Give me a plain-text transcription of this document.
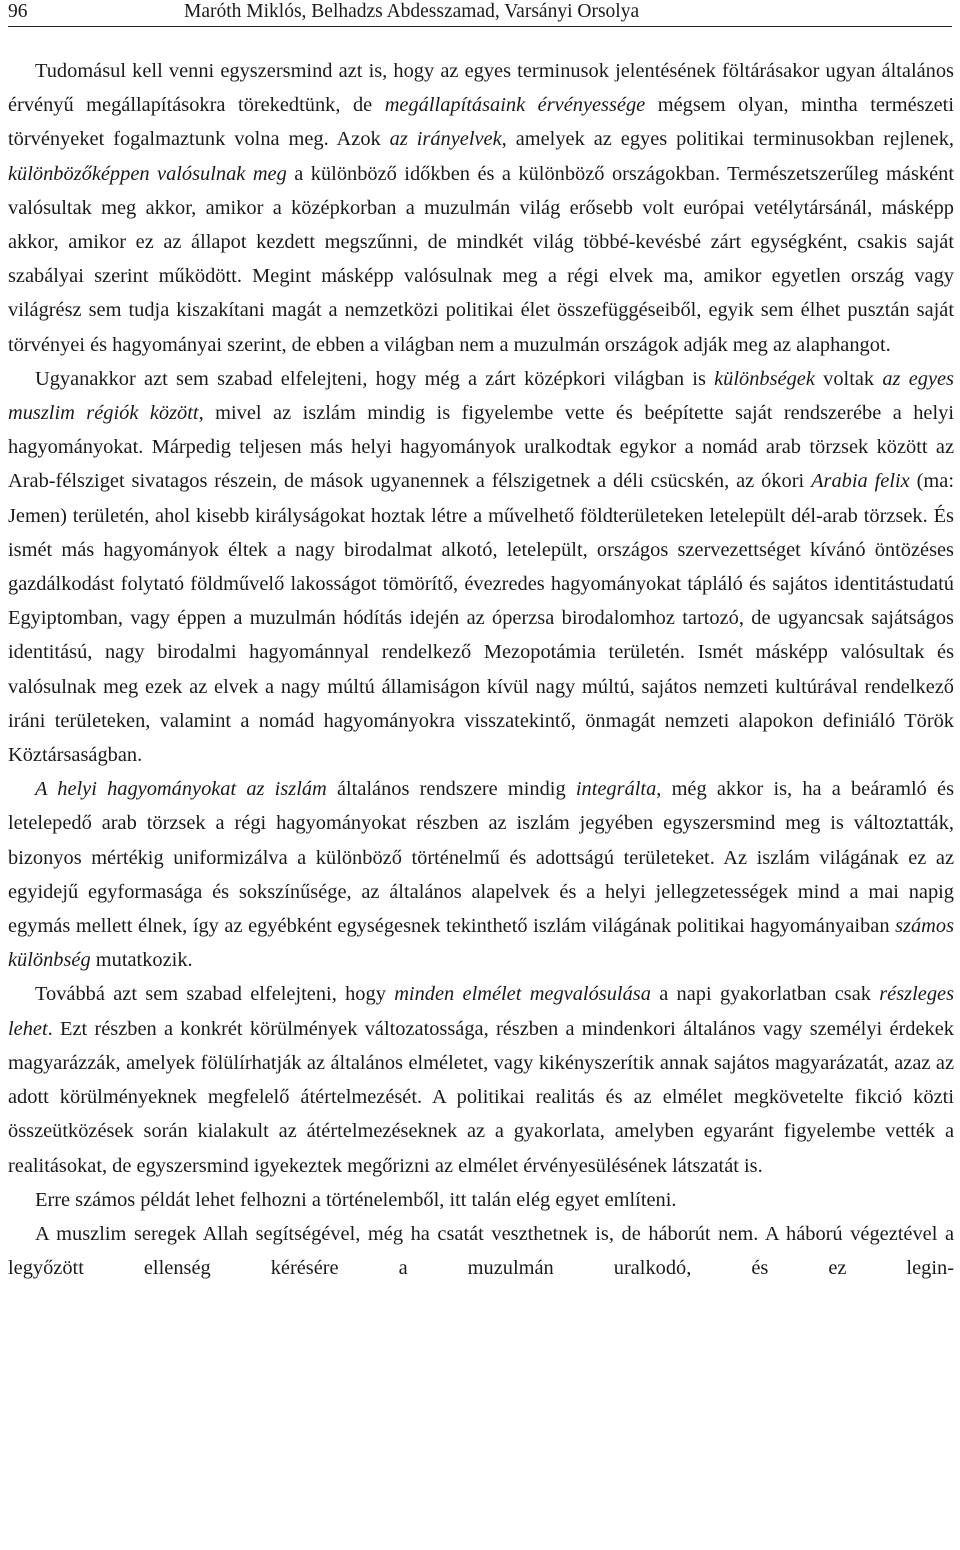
96	Maróth Miklós, Belhadzs Abdesszamad, Varsányi Orsolya

Tudomásul kell venni egyszersmind azt is, hogy az egyes terminusok jelentésének föltárásakor ugyan általános érvényű megállapításokra törekedtünk, de megállapításaink érvényessége mégsem olyan, mintha természeti törvényeket fogalmaztunk volna meg. Azok az irányelvek, amelyek az egyes politikai terminusokban rejlenek, különbözőképpen valósulnak meg a különböző időkben és a különböző országokban. Természetszerűleg másként valósultak meg akkor, amikor a középkorban a muzulmán világ erősebb volt európai vetélytársánál, másképp akkor, amikor ez az állapot kezdett megszűnni, de mindkét világ többé-kevésbé zárt egységként, csakis saját szabályai szerint működött. Megint másképp valósulnak meg a régi elvek ma, amikor egyetlen ország vagy világrész sem tudja kiszakítani magát a nemzetközi politikai élet összefüggéseiből, egyik sem élhet pusztán saját törvényei és hagyományai szerint, de ebben a világban nem a muzulmán országok adják meg az alaphangot.

Ugyanakkor azt sem szabad elfelejteni, hogy még a zárt középkori világban is különbségek voltak az egyes muszlim régiók között, mivel az iszlám mindig is figyelembe vette és beépítette saját rendszerébe a helyi hagyományokat. Márpedig teljesen más helyi hagyományok uralkodtak egykor a nomád arab törzsek között az Arab-félsziget sivatagos részein, de mások ugyanennek a félszigetnek a déli csücskén, az ókori Arabia felix (ma: Jemen) területén, ahol kisebb királyságokat hoztak létre a művelhető földterületeken letelepült dél-arab törzsek. És ismét más hagyományok éltek a nagy birodalmat alkotó, letelepült, országos szervezettséget kívánó öntözéses gazdálkodást folytató földművelő lakosságot tömörítő, évezredes hagyományokat tápláló és sajátos identitástudatú Egyiptomban, vagy éppen a muzulmán hódítás idején az óperzsa birodalomhoz tartozó, de ugyancsak sajátságos identitású, nagy birodalmi hagyománnyal rendelkező Mezopotámia területén. Ismét másképp valósultak és valósulnak meg ezek az elvek a nagy múltú államiságon kívül nagy múltú, sajátos nemzeti kultúrával rendelkező iráni területeken, valamint a nomád hagyományokra visszatekintő, önmagát nemzeti alapokon definiáló Török Köztársaságban.

A helyi hagyományokat az iszlám általános rendszere mindig integrálta, még akkor is, ha a beáramló és letelepedő arab törzsek a régi hagyományokat részben az iszlám jegyében egyszersmind meg is változtatták, bizonyos mértékig uniformizálva a különböző történelmű és adottságú területeket. Az iszlám világának ez az egyidejű egyformasága és sokszínűsége, az általános alapelvek és a helyi jellegzetességek mind a mai napig egymás mellett élnek, így az egyébként egységesnek tekinthető iszlám világának politikai hagyományaiban számos különbség mutatkozik.

Továbbá azt sem szabad elfelejteni, hogy minden elmélet megvalósulása a napi gyakorlatban csak részleges lehet. Ezt részben a konkrét körülmények változatossága, részben a mindenkori általános vagy személyi érdekek magyarázzák, amelyek fölülírhatják az általános elméletet, vagy kikényszerítik annak sajátos magyarázatát, azaz az adott körülményeknek megfelelő átértelmezését. A politikai realitás és az elmélet megkövetelte fikció közti összeütközések során kialakult az átértelmezéseknek az a gyakorlata, amelyben egyaránt figyelembe vették a realitásokat, de egyszersmind igyekeztek megőrizni az elmélet érvényesülésének látszatát is.

Erre számos példát lehet felhozni a történelemből, itt talán elég egyet említeni.

A muszlim seregek Allah segítségével, még ha csatát veszthetnek is, de háborút nem. A háború végeztével a legyőzött ellenség kérésére a muzulmán uralkodó, és ez legin-
